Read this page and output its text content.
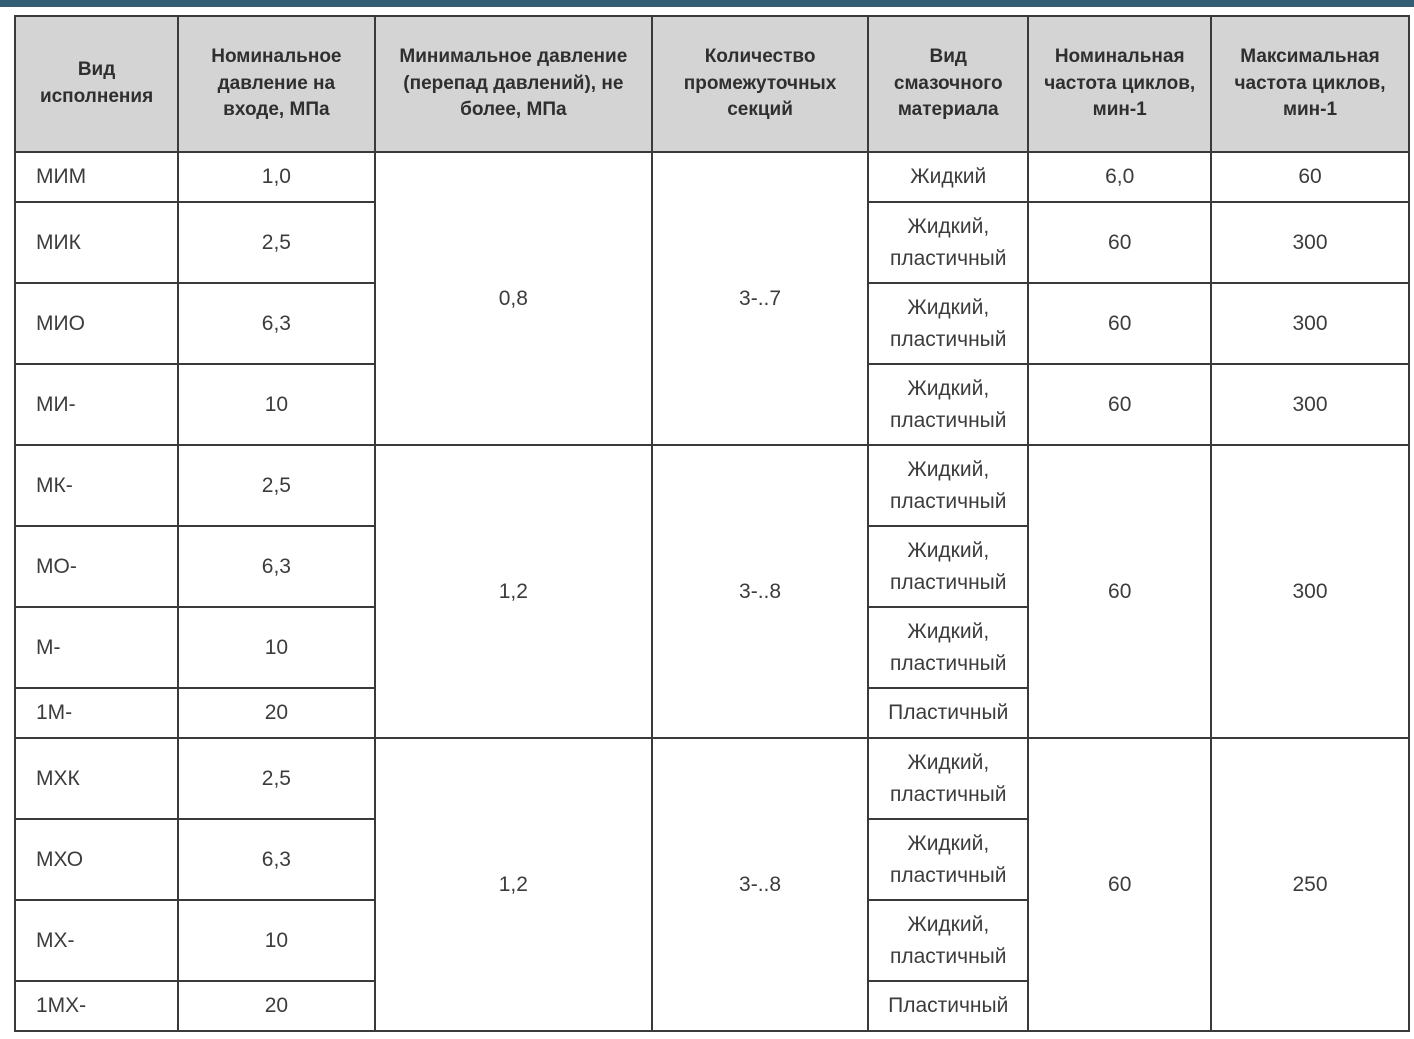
Вид исполнения	Номинальное давление на входе, МПа	Минимальное давление (перепад давлений), не более, МПа	Количество промежуточных секций	Вид смазочного материала	Номинальная частота циклов, мин-1	Максимальная частота циклов, мин-1
МИМ	1,0	0,8	3-..7	Жидкий	6,0	60
МИК	2,5			Жидкий, пластичный	60	300
МИО	6,3			Жидкий, пластичный	60	300
МИ-	10			Жидкий, пластичный	60	300
МК-	2,5	1,2	3-..8	Жидкий, пластичный	60	300
МО-	6,3			Жидкий, пластичный		
М-	10			Жидкий, пластичный		
1М-	20			Пластичный		
МХК	2,5	1,2	3-..8	Жидкий, пластичный	60	250
МХО	6,3			Жидкий, пластичный		
МХ-	10			Жидкий, пластичный		
1МХ-	20			Пластичный		
